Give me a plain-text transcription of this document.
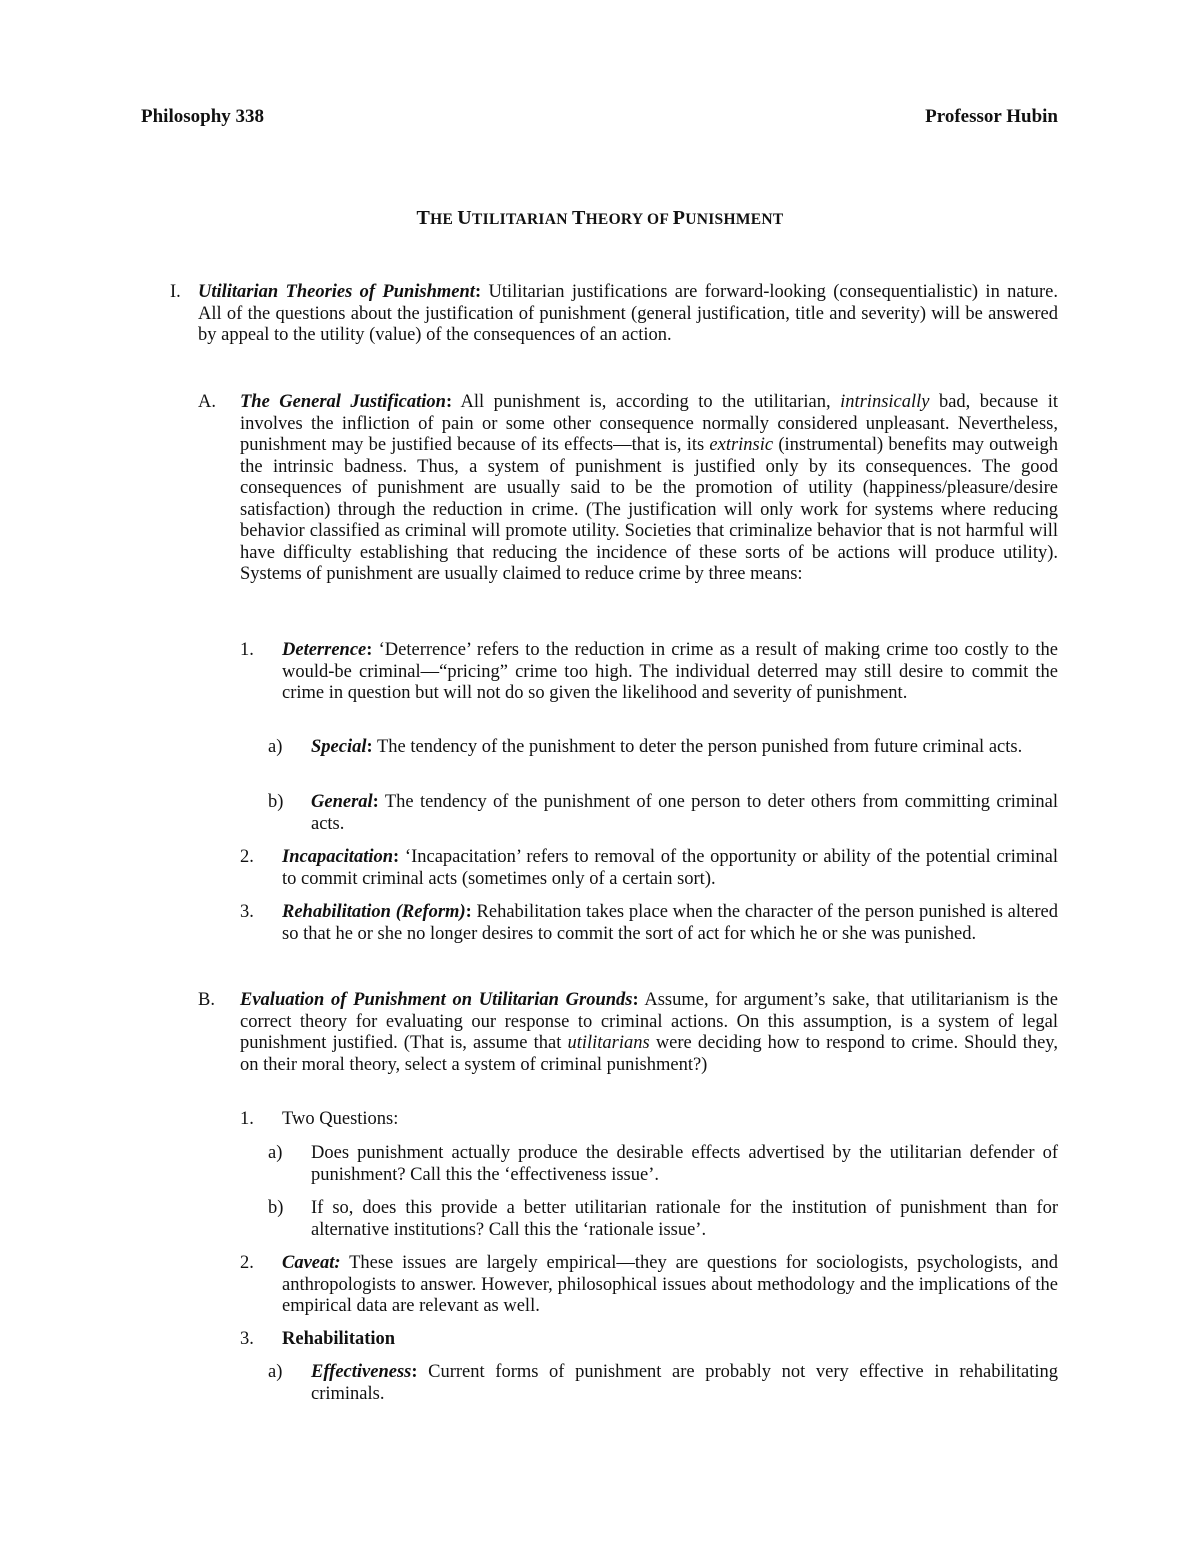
Philosophy 338	Professor Hubin
THE UTILITARIAN THEORY OF PUNISHMENT
I. Utilitarian Theories of Punishment: Utilitarian justifications are forward-looking (consequentialistic) in nature. All of the questions about the justification of punishment (general justification, title and severity) will be answered by appeal to the utility (value) of the consequences of an action.
A. The General Justification: All punishment is, according to the utilitarian, intrinsically bad, because it involves the infliction of pain or some other consequence normally considered unpleasant. Nevertheless, punishment may be justified because of its effects—that is, its extrinsic (instrumental) benefits may outweigh the intrinsic badness. Thus, a system of punishment is justified only by its consequences. The good consequences of punishment are usually said to be the promotion of utility (happiness/pleasure/desire satisfaction) through the reduction in crime. (The justification will only work for systems where reducing behavior classified as criminal will promote utility. Societies that criminalize behavior that is not harmful will have difficulty establishing that reducing the incidence of these sorts of be actions will produce utility). Systems of punishment are usually claimed to reduce crime by three means:
1. Deterrence: ‘Deterrence’ refers to the reduction in crime as a result of making crime too costly to the would-be criminal—“pricing” crime too high. The individual deterred may still desire to commit the crime in question but will not do so given the likelihood and severity of punishment.
a) Special: The tendency of the punishment to deter the person punished from future criminal acts.
b) General: The tendency of the punishment of one person to deter others from committing criminal acts.
2. Incapacitation: ‘Incapacitation’ refers to removal of the opportunity or ability of the potential criminal to commit criminal acts (sometimes only of a certain sort).
3. Rehabilitation (Reform): Rehabilitation takes place when the character of the person punished is altered so that he or she no longer desires to commit the sort of act for which he or she was punished.
B. Evaluation of Punishment on Utilitarian Grounds: Assume, for argument’s sake, that utilitarianism is the correct theory for evaluating our response to criminal actions. On this assumption, is a system of legal punishment justified. (That is, assume that utilitarians were deciding how to respond to crime. Should they, on their moral theory, select a system of criminal punishment?)
1. Two Questions:
a) Does punishment actually produce the desirable effects advertised by the utilitarian defender of punishment? Call this the ‘effectiveness issue’.
b) If so, does this provide a better utilitarian rationale for the institution of punishment than for alternative institutions? Call this the ‘rationale issue’.
2. Caveat: These issues are largely empirical—they are questions for sociologists, psychologists, and anthropologists to answer. However, philosophical issues about methodology and the implications of the empirical data are relevant as well.
3. Rehabilitation
a) Effectiveness: Current forms of punishment are probably not very effective in rehabilitating criminals.
